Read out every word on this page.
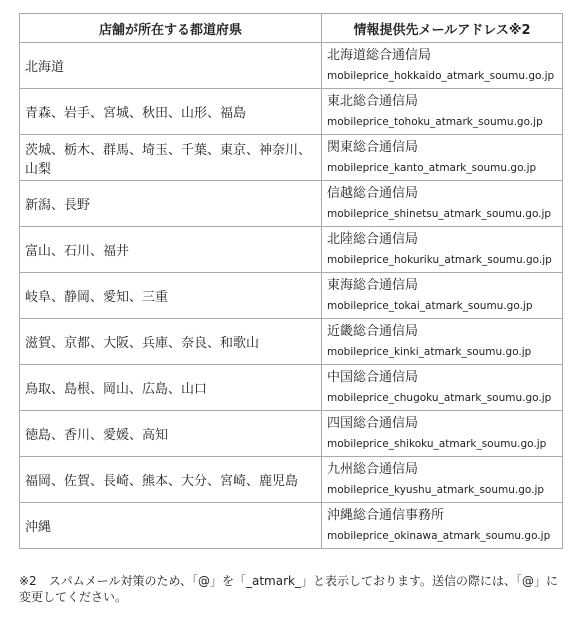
店舗が所在する都道府県	情報提供先メールアドレス※2
北海道	北海道総合通信局
mobileprice_hokkaido_atmark_soumu.go.jp

青森、岩手、宮城、秋田、山形、福島	東北総合通信局
mobileprice_tohoku_atmark_soumu.go.jp

茨城、栃木、群馬、埼玉、千葉、東京、神奈川、山梨	関東総合通信局
mobileprice_kanto_atmark_soumu.go.jp

新潟、長野	信越総合通信局
mobileprice_shinetsu_atmark_soumu.go.jp

富山、石川、福井	北陸総合通信局
mobileprice_hokuriku_atmark_soumu.go.jp

岐阜、静岡、愛知、三重	東海総合通信局
mobileprice_tokai_atmark_soumu.go.jp

滋賀、京都、大阪、兵庫、奈良、和歌山	近畿総合通信局
mobileprice_kinki_atmark_soumu.go.jp

鳥取、島根、岡山、広島、山口	中国総合通信局
mobileprice_chugoku_atmark_soumu.go.jp

徳島、香川、愛媛、高知	四国総合通信局
mobileprice_shikoku_atmark_soumu.go.jp

福岡、佐賀、長崎、熊本、大分、宮崎、鹿児島	九州総合通信局
mobileprice_kyushu_atmark_soumu.go.jp

沖縄	沖縄総合通信事務所
mobileprice_okinawa_atmark_soumu.go.jp

※2　スパムメール対策のため、「@」を「_atmark_」と表示しております。送信の際には、「@」に変更してください。
